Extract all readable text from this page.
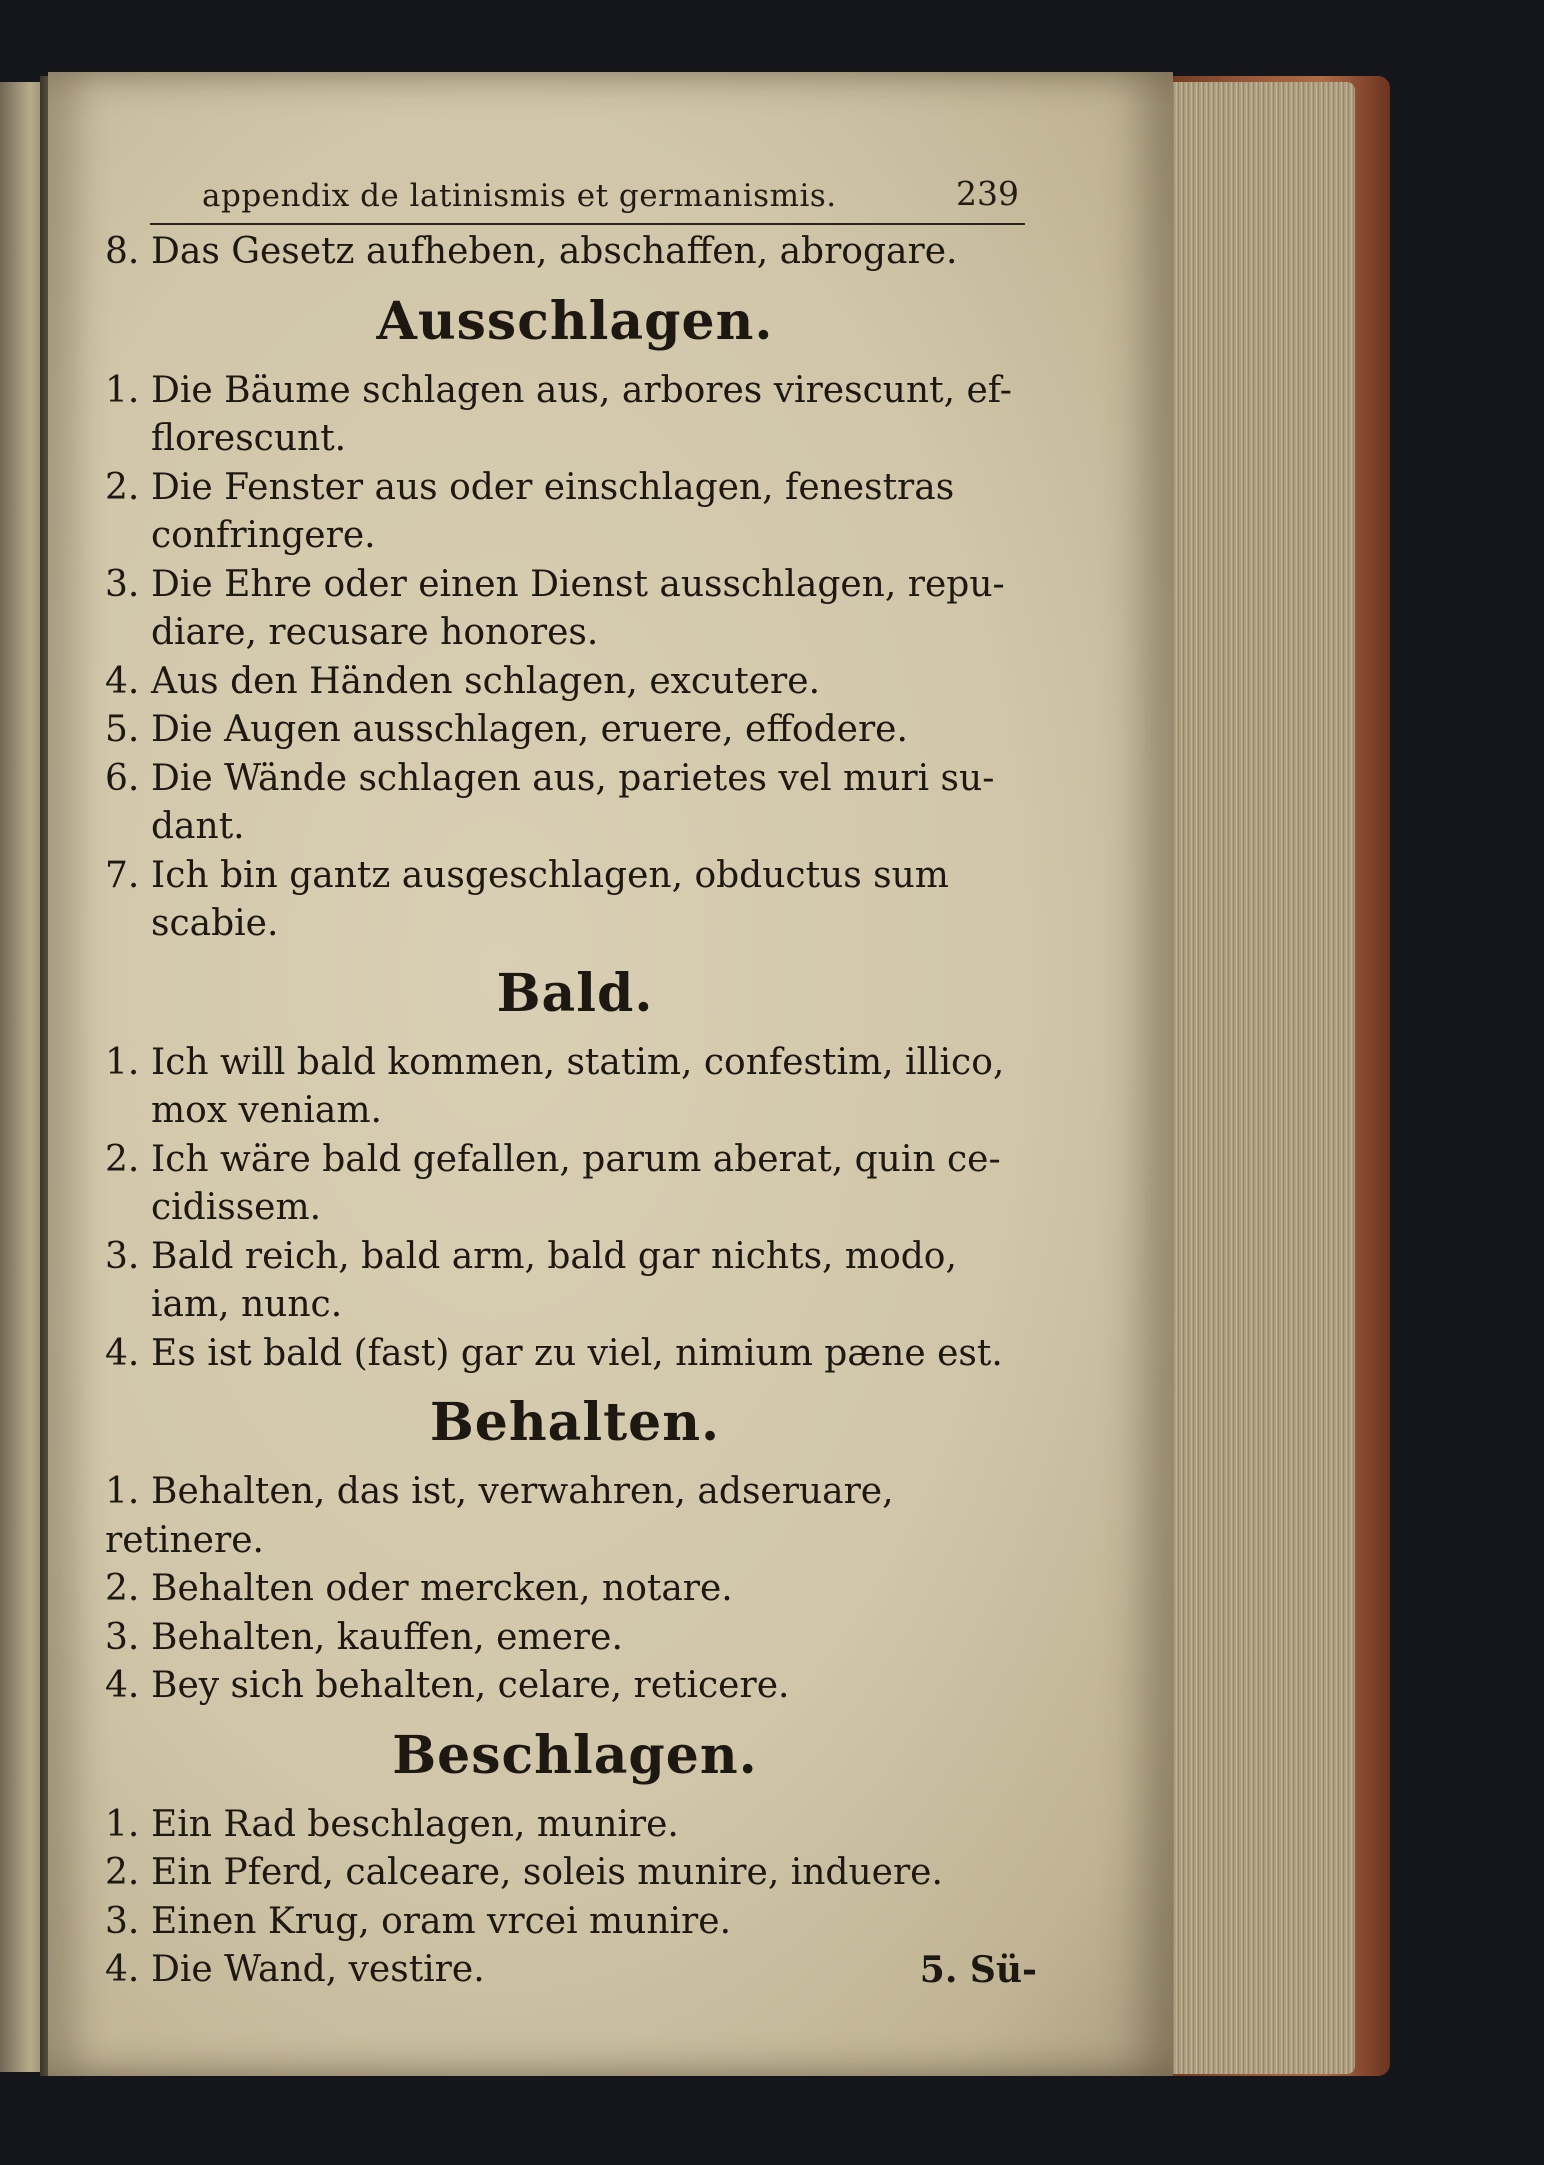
appendix de latinismis et germanismis.	239
8. Das Gesetz aufheben, abschaffen, abrogare.
Ausschlagen.
1. Die Bäume schlagen aus, arbores virescunt, ef-
florescunt.
2. Die Fenster aus oder einschlagen, fenestras
confringere.
3. Die Ehre oder einen Dienst ausschlagen, repu-
diare, recusare honores.
4. Aus den Händen schlagen, excutere.
5. Die Augen ausschlagen, eruere, effodere.
6. Die Wände schlagen aus, parietes vel muri su-
dant.
7. Ich bin gantz ausgeschlagen, obductus sum
scabie.
Bald.
1. Ich will bald kommen, statim, confestim, illico,
mox veniam.
2. Ich wäre bald gefallen, parum aberat, quin ce-
cidissem.
3. Bald reich, bald arm, bald gar nichts, modo,
iam, nunc.
4. Es ist bald (fast) gar zu viel, nimium pæne est.
Behalten.
1. Behalten, das ist, verwahren, adseruare, retinere.
2. Behalten oder mercken, notare.
3. Behalten, kauffen, emere.
4. Bey sich behalten, celare, reticere.
Beschlagen.
1. Ein Rad beschlagen, munire.
2. Ein Pferd, calceare, soleis munire, induere.
3. Einen Krug, oram vrcei munire.
4. Die Wand, vestire.	5. Sü-
